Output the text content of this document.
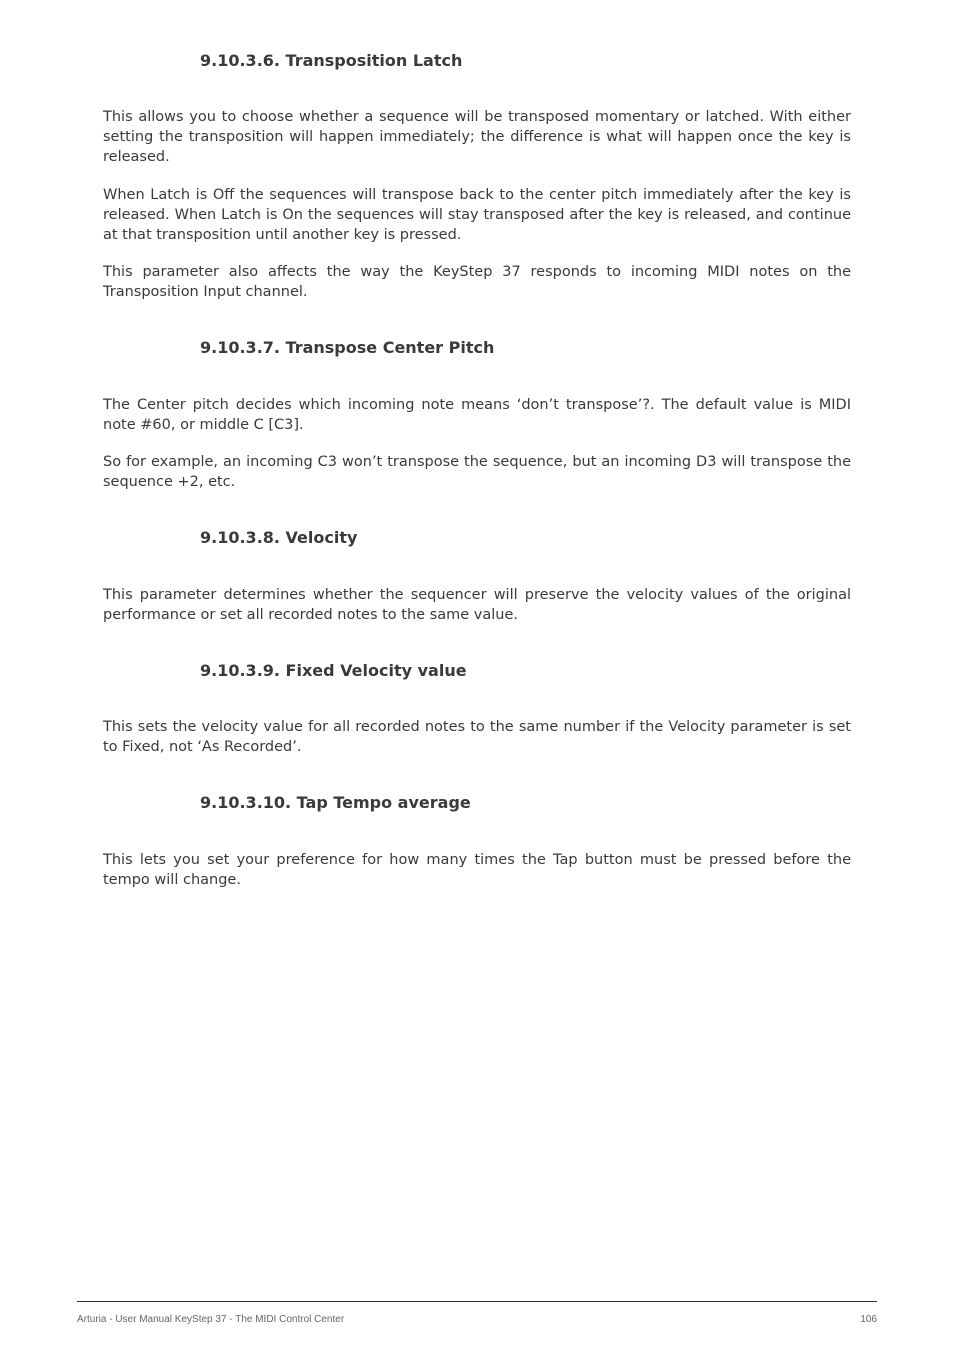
9.10.3.6. Transposition Latch

This allows you to choose whether a sequence will be transposed momentary or latched. With either setting the transposition will happen immediately; the difference is what will happen once the key is released.

When Latch is Off the sequences will transpose back to the center pitch immediately after the key is released. When Latch is On the sequences will stay transposed after the key is released, and continue at that transposition until another key is pressed.

This parameter also affects the way the KeyStep 37 responds to incoming MIDI notes on the Transposition Input channel.

9.10.3.7. Transpose Center Pitch

The Center pitch decides which incoming note means ‘don’t transpose’?. The default value is MIDI note #60, or middle C [C3].

So for example, an incoming C3 won’t transpose the sequence, but an incoming D3 will transpose the sequence +2, etc.

9.10.3.8. Velocity

This parameter determines whether the sequencer will preserve the velocity values of the original performance or set all recorded notes to the same value.

9.10.3.9. Fixed Velocity value

This sets the velocity value for all recorded notes to the same number if the Velocity parameter is set to Fixed, not ‘As Recorded’.

9.10.3.10. Tap Tempo average

This lets you set your preference for how many times the Tap button must be pressed before the tempo will change.

Arturia - User Manual KeyStep 37 - The MIDI Control Center	106
